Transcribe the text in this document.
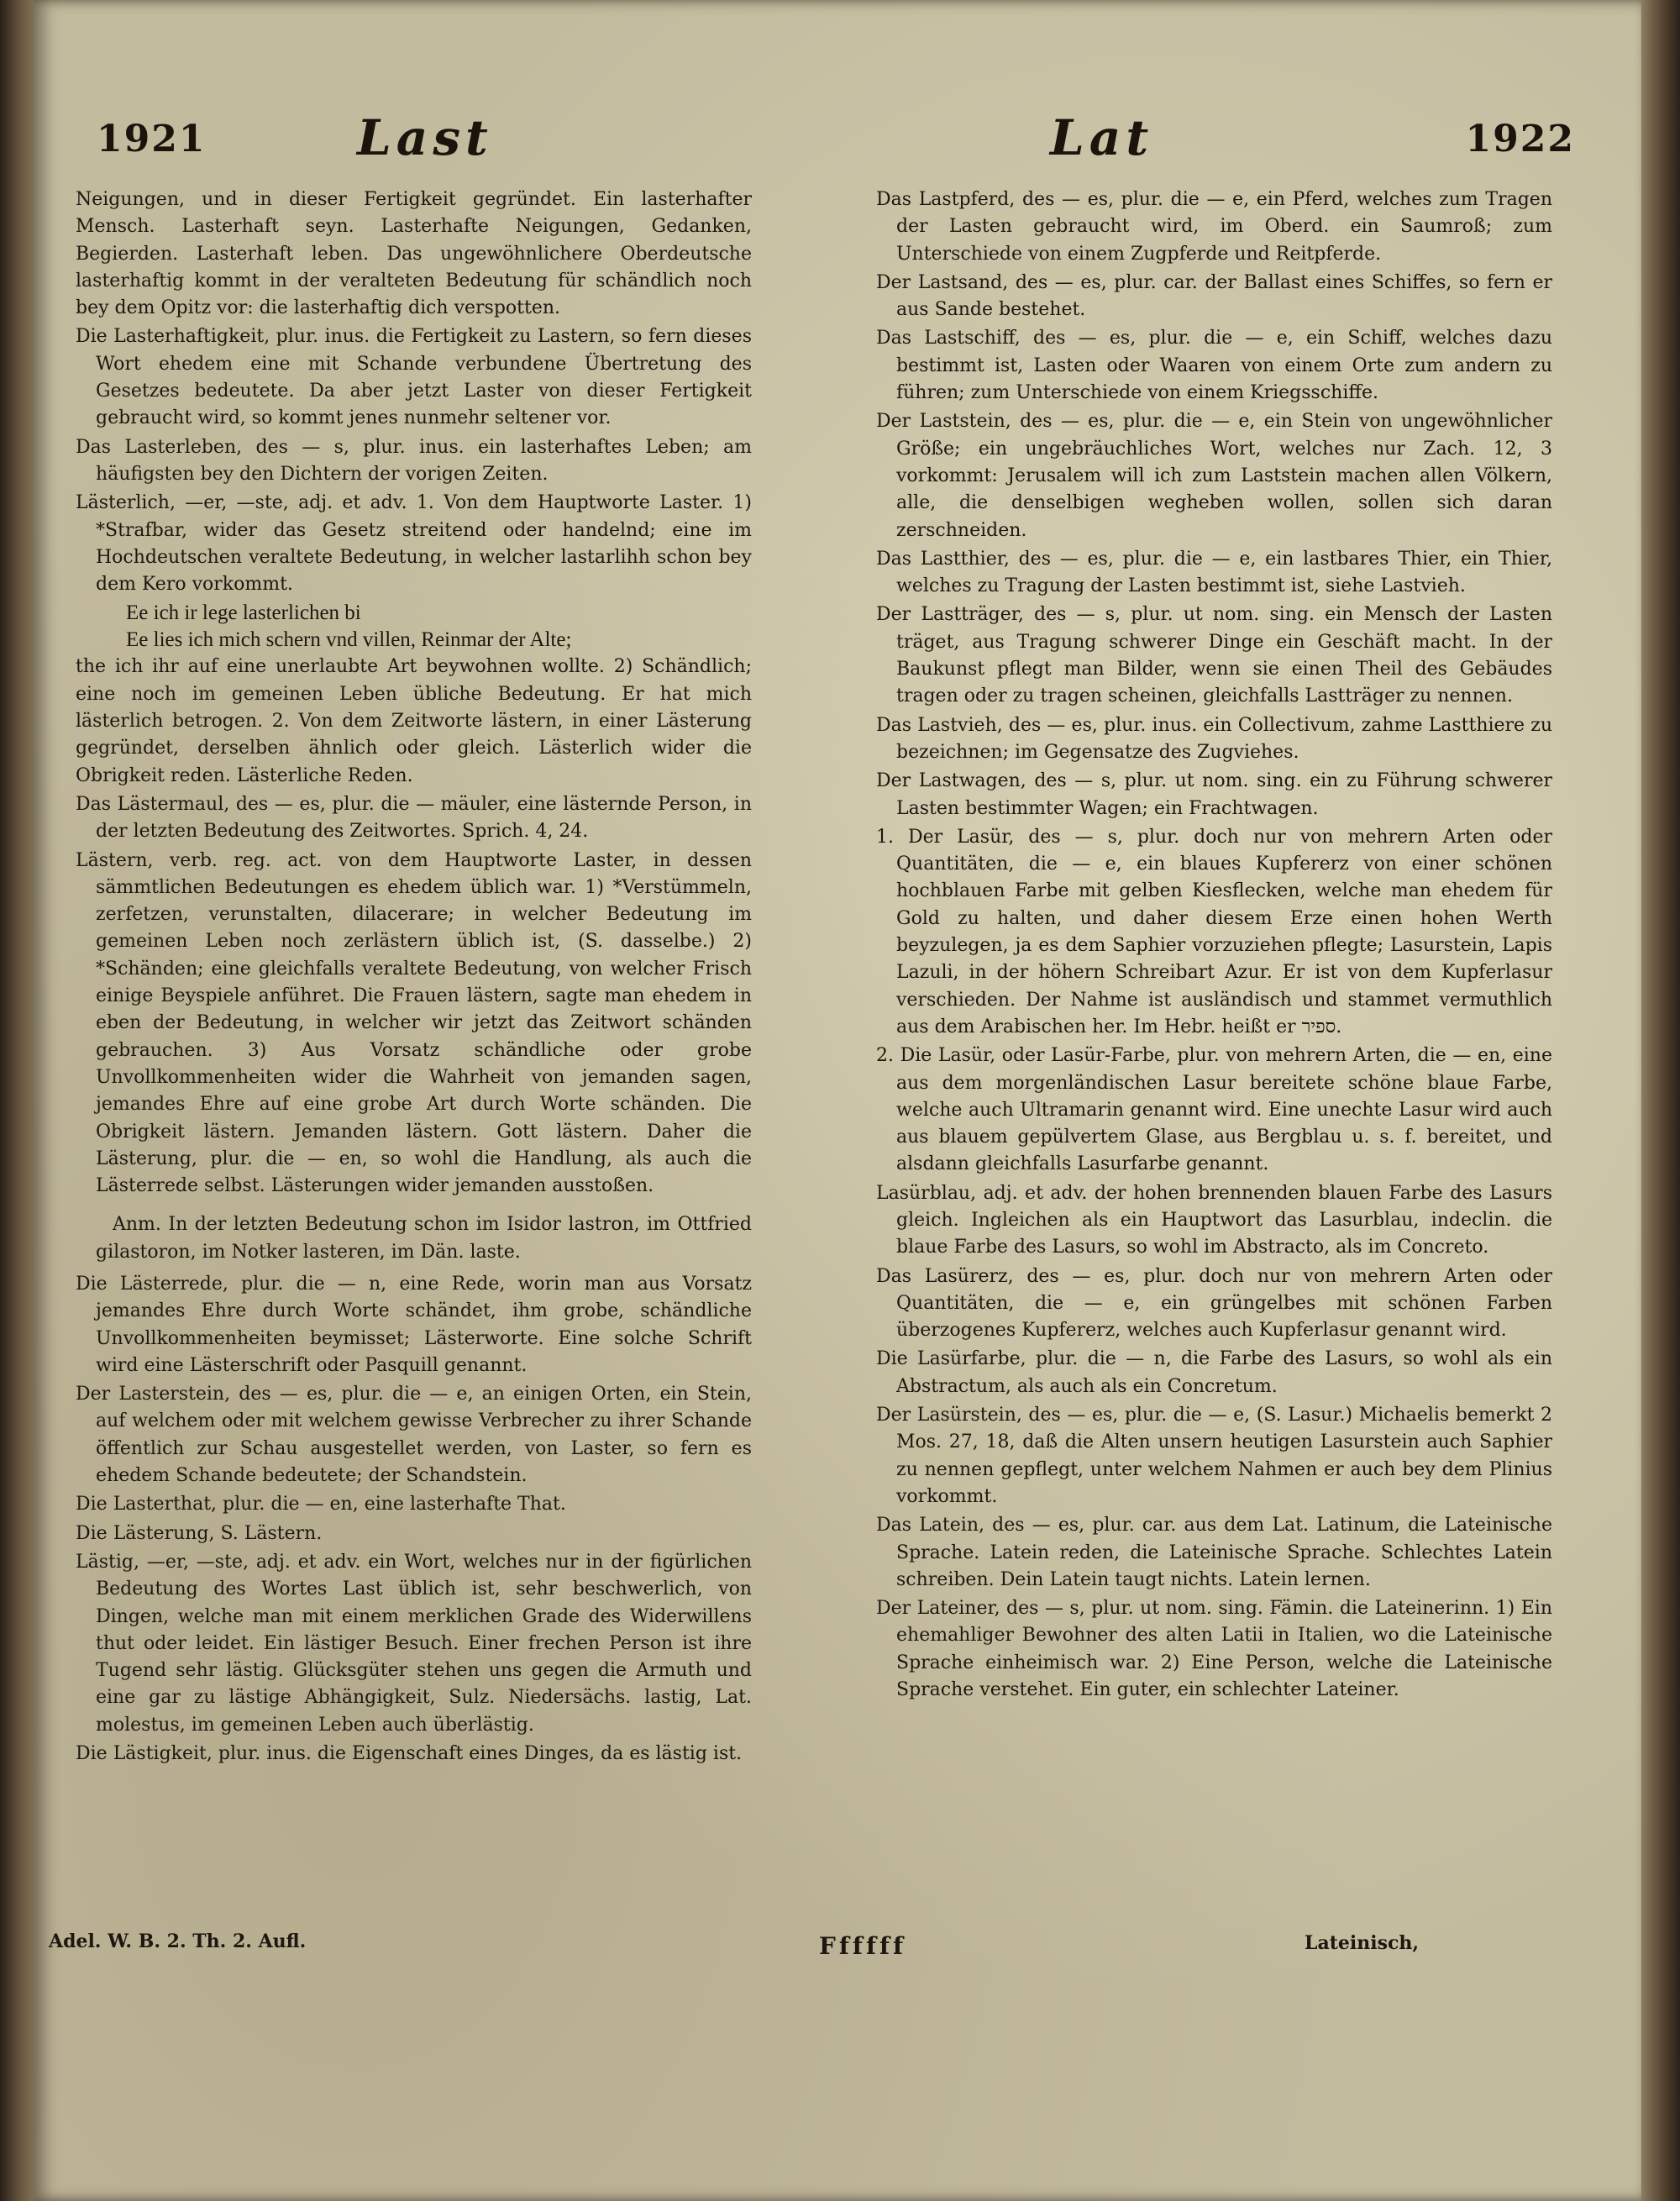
1921	Last	Lat	1922

Neigungen, und in dieser Fertigkeit gegründet. Ein lasterhafter Mensch. Lasterhaft seyn. Lasterhafte Neigungen, Gedanken, Begierden. Lasterhaft leben. Das ungewöhnlichere Oberdeutsche lasterhaftig kommt in der veralteten Bedeutung für schändlich noch bey dem Opitz vor: die lasterhaftig dich verspotten.

Die Lasterhaftigkeit, plur. inus. die Fertigkeit zu Lastern, so fern dieses Wort ehedem eine mit Schande verbundene Übertretung des Gesetzes bedeutete. Da aber jetzt Laster von dieser Fertigkeit gebraucht wird, so kommt jenes nunmehr seltener vor.

Das Lasterleben, des — s, plur. inus. ein lasterhaftes Leben; am häufigsten bey den Dichtern der vorigen Zeiten.

Lästerlich, —er, —ste, adj. et adv. 1. Von dem Hauptworte Laster. 1) *Strafbar, wider das Gesetz streitend oder handelnd; eine im Hochdeutschen veraltete Bedeutung, in welcher lastarlihh schon bey dem Kero vorkommt.

Ee ich ir lege lasterlichen bi

Ee lies ich mich schern vnd villen, Reinmar der Alte;

the ich ihr auf eine unerlaubte Art beywohnen wollte. 2) Schändlich; eine noch im gemeinen Leben übliche Bedeutung. Er hat mich lästerlich betrogen. 2. Von dem Zeitworte lästern, in einer Lästerung gegründet, derselben ähnlich oder gleich. Lästerlich wider die Obrigkeit reden. Lästerliche Reden.

Das Lästermaul, des — es, plur. die — mäuler, eine lästernde Person, in der letzten Bedeutung des Zeitwortes. Sprich. 4, 24.

Lästern, verb. reg. act. von dem Hauptworte Laster, in dessen sämmtlichen Bedeutungen es ehedem üblich war. 1) *Verstümmeln, zerfetzen, verunstalten, dilacerare; in welcher Bedeutung im gemeinen Leben noch zerlästern üblich ist, (S. dasselbe.) 2) *Schänden; eine gleichfalls veraltete Bedeutung, von welcher Frisch einige Beyspiele anführet. Die Frauen lästern, sagte man ehedem in eben der Bedeutung, in welcher wir jetzt das Zeitwort schänden gebrauchen. 3) Aus Vorsatz schändliche oder grobe Unvollkommenheiten wider die Wahrheit von jemanden sagen, jemandes Ehre auf eine grobe Art durch Worte schänden. Die Obrigkeit lästern. Jemanden lästern. Gott lästern. Daher die Lästerung, plur. die — en, so wohl die Handlung, als auch die Lästerrede selbst. Lästerungen wider jemanden ausstoßen.

Anm. In der letzten Bedeutung schon im Isidor lastron, im Ottfried gilastoron, im Notker lasteren, im Dän. laste.

Die Lästerrede, plur. die — n, eine Rede, worin man aus Vorsatz jemandes Ehre durch Worte schändet, ihm grobe, schändliche Unvollkommenheiten beymisset; Lästerworte. Eine solche Schrift wird eine Lästerschrift oder Pasquill genannt.

Der Lasterstein, des — es, plur. die — e, an einigen Orten, ein Stein, auf welchem oder mit welchem gewisse Verbrecher zu ihrer Schande öffentlich zur Schau ausgestellet werden, von Laster, so fern es ehedem Schande bedeutete; der Schandstein.

Die Lasterthat, plur. die — en, eine lasterhafte That.

Die Lästerung, S. Lästern.

Lästig, —er, —ste, adj. et adv. ein Wort, welches nur in der figürlichen Bedeutung des Wortes Last üblich ist, sehr beschwerlich, von Dingen, welche man mit einem merklichen Grade des Widerwillens thut oder leidet. Ein lästiger Besuch. Einer frechen Person ist ihre Tugend sehr lästig. Glücksgüter stehen uns gegen die Armuth und eine gar zu lästige Abhängigkeit, Sulz. Niedersächs. lastig, Lat. molestus, im gemeinen Leben auch überlästig.

Die Lästigkeit, plur. inus. die Eigenschaft eines Dinges, da es lästig ist.

Das Lastpferd, des — es, plur. die — e, ein Pferd, welches zum Tragen der Lasten gebraucht wird, im Oberd. ein Saumroß; zum Unterschiede von einem Zugpferde und Reitpferde.

Der Lastsand, des — es, plur. car. der Ballast eines Schiffes, so fern er aus Sande bestehet.

Das Lastschiff, des — es, plur. die — e, ein Schiff, welches dazu bestimmt ist, Lasten oder Waaren von einem Orte zum andern zu führen; zum Unterschiede von einem Kriegsschiffe.

Der Laststein, des — es, plur. die — e, ein Stein von ungewöhnlicher Größe; ein ungebräuchliches Wort, welches nur Zach. 12, 3 vorkommt: Jerusalem will ich zum Laststein machen allen Völkern, alle, die denselbigen wegheben wollen, sollen sich daran zerschneiden.

Das Lastthier, des — es, plur. die — e, ein lastbares Thier, ein Thier, welches zu Tragung der Lasten bestimmt ist, siehe Lastvieh.

Der Lastträger, des — s, plur. ut nom. sing. ein Mensch der Lasten träget, aus Tragung schwerer Dinge ein Geschäft macht. In der Baukunst pflegt man Bilder, wenn sie einen Theil des Gebäudes tragen oder zu tragen scheinen, gleichfalls Lastträger zu nennen.

Das Lastvieh, des — es, plur. inus. ein Collectivum, zahme Lastthiere zu bezeichnen; im Gegensatze des Zugviehes.

Der Lastwagen, des — s, plur. ut nom. sing. ein zu Führung schwerer Lasten bestimmter Wagen; ein Frachtwagen.

1. Der Lasür, des — s, plur. doch nur von mehrern Arten oder Quantitäten, die — e, ein blaues Kupfererz von einer schönen hochblauen Farbe mit gelben Kiesflecken, welche man ehedem für Gold zu halten, und daher diesem Erze einen hohen Werth beyzulegen, ja es dem Saphier vorzuziehen pflegte; Lasurstein, Lapis Lazuli, in der höhern Schreibart Azur. Er ist von dem Kupferlasur verschieden. Der Nahme ist ausländisch und stammet vermuthlich aus dem Arabischen her. Im Hebr. heißt er ספיר.

2. Die Lasür, oder Lasür-Farbe, plur. von mehrern Arten, die — en, eine aus dem morgenländischen Lasur bereitete schöne blaue Farbe, welche auch Ultramarin genannt wird. Eine unechte Lasur wird auch aus blauem gepülvertem Glase, aus Bergblau u. s. f. bereitet, und alsdann gleichfalls Lasurfarbe genannt.

Lasürblau, adj. et adv. der hohen brennenden blauen Farbe des Lasurs gleich. Ingleichen als ein Hauptwort das Lasurblau, indeclin. die blaue Farbe des Lasurs, so wohl im Abstracto, als im Concreto.

Das Lasürerz, des — es, plur. doch nur von mehrern Arten oder Quantitäten, die — e, ein grüngelbes mit schönen Farben überzogenes Kupfererz, welches auch Kupferlasur genannt wird.

Die Lasürfarbe, plur. die — n, die Farbe des Lasurs, so wohl als ein Abstractum, als auch als ein Concretum.

Der Lasürstein, des — es, plur. die — e, (S. Lasur.) Michaelis bemerkt 2 Mos. 27, 18, daß die Alten unsern heutigen Lasurstein auch Saphier zu nennen gepflegt, unter welchem Nahmen er auch bey dem Plinius vorkommt.

Das Latein, des — es, plur. car. aus dem Lat. Latinum, die Lateinische Sprache. Latein reden, die Lateinische Sprache. Schlechtes Latein schreiben. Dein Latein taugt nichts. Latein lernen.

Der Lateiner, des — s, plur. ut nom. sing. Fämin. die Lateinerinn. 1) Ein ehemahliger Bewohner des alten Latii in Italien, wo die Lateinische Sprache einheimisch war. 2) Eine Person, welche die Lateinische Sprache verstehet. Ein guter, ein schlechter Lateiner.

Adel. W. B. 2. Th. 2. Aufl.	Ffffff	Lateinisch,
